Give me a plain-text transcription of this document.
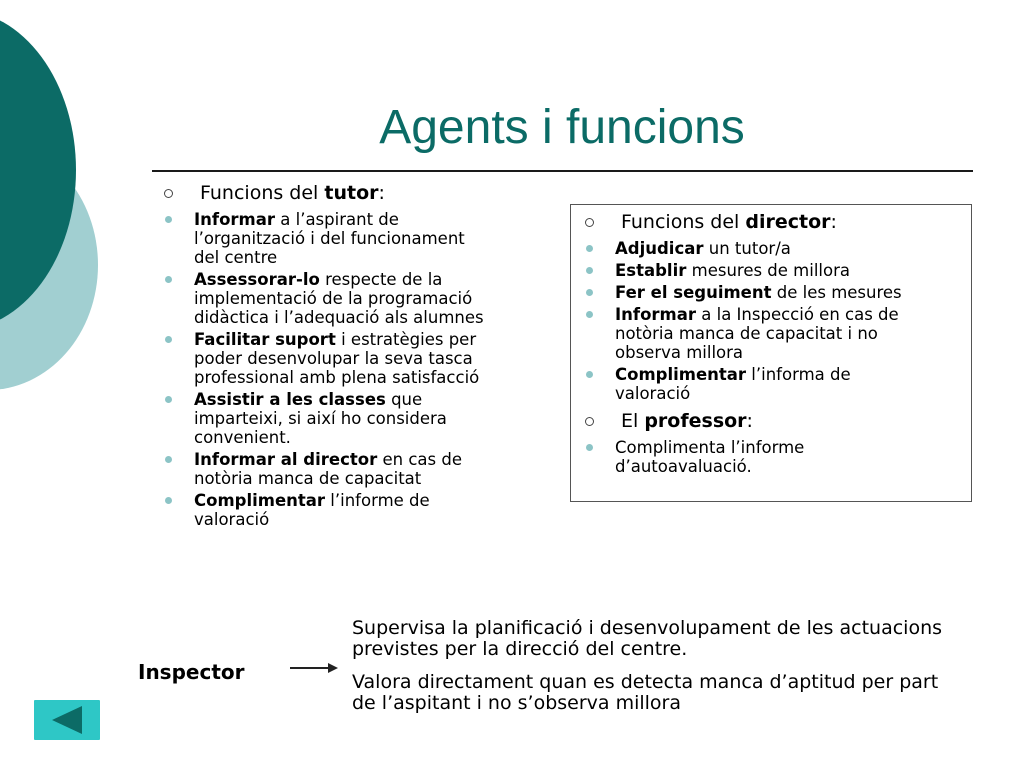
Agents i funcions

Funcions del tutor:

Informar a l’aspirant de l’organització i del funcionament del centre
Assessorar-lo respecte de la implementació de la programació didàctica i l’adequació als alumnes
Facilitar suport i estratègies per poder desenvolupar la seva tasca professional amb plena satisfacció
Assistir a les classes que imparteixi, si així ho considera convenient.
Informar al director en cas de notòria manca de capacitat
Complimentar l’informe de valoració

Funcions del director:

Adjudicar un tutor/a
Establir mesures de millora
Fer el seguiment de les mesures
Informar a la Inspecció en cas de notòria manca de capacitat i no observa millora
Complimentar l’informa de valoració

El professor:

Complimenta l’informe d’autoavaluació.
Inspector
Supervisa la planificació i desenvolupament de les actuacions previstes per la direcció del centre.
Valora directament quan es detecta manca d’aptitud per part de l’aspitant i no s’observa millora
